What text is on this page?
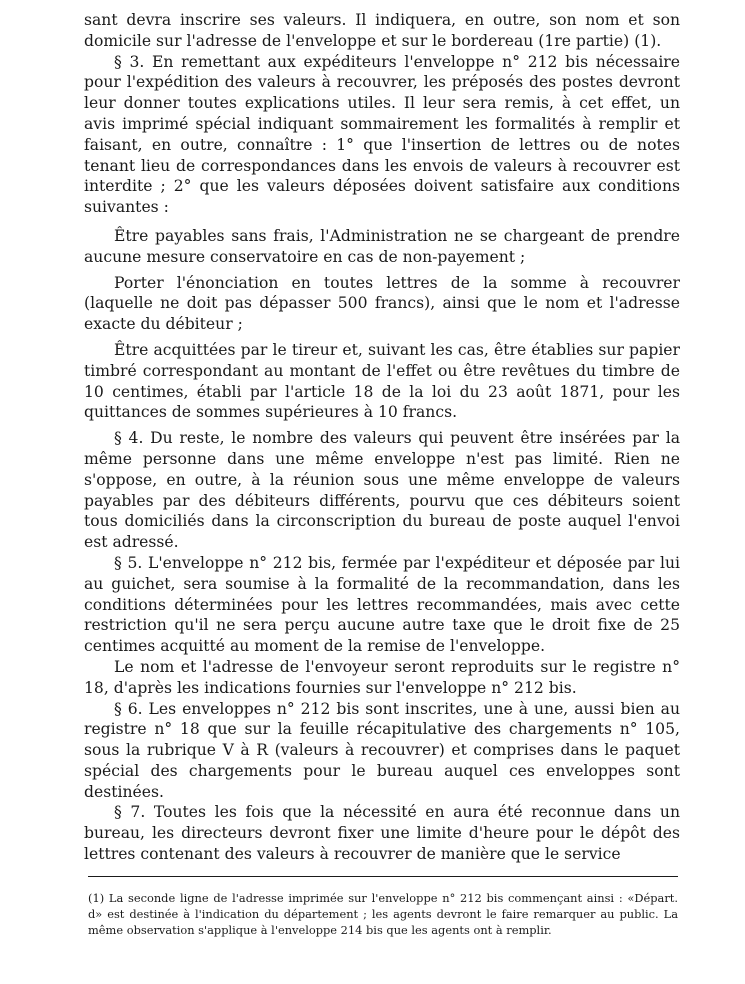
sant devra inscrire ses valeurs. Il indiquera, en outre, son nom et son domicile sur l'adresse de l'enveloppe et sur le bordereau (1re partie) (1).

§ 3. En remettant aux expéditeurs l'enveloppe n° 212 bis nécessaire pour l'expédition des valeurs à recouvrer, les préposés des postes devront leur donner toutes explications utiles. Il leur sera remis, à cet effet, un avis imprimé spécial indiquant sommairement les formalités à remplir et faisant, en outre, connaître : 1° que l'insertion de lettres ou de notes tenant lieu de correspondances dans les envois de valeurs à recouvrer est interdite ; 2° que les valeurs déposées doivent satisfaire aux conditions suivantes :

Être payables sans frais, l'Administration ne se chargeant de prendre aucune mesure conservatoire en cas de non-payement ;

Porter l'énonciation en toutes lettres de la somme à recouvrer (laquelle ne doit pas dépasser 500 francs), ainsi que le nom et l'adresse exacte du débiteur ;

Être acquittées par le tireur et, suivant les cas, être établies sur papier timbré correspondant au montant de l'effet ou être revêtues du timbre de 10 centimes, établi par l'article 18 de la loi du 23 août 1871, pour les quittances de sommes supérieures à 10 francs.

§ 4. Du reste, le nombre des valeurs qui peuvent être insérées par la même personne dans une même enveloppe n'est pas limité. Rien ne s'oppose, en outre, à la réunion sous une même enveloppe de valeurs payables par des débiteurs différents, pourvu que ces débiteurs soient tous domiciliés dans la circonscription du bureau de poste auquel l'envoi est adressé.

§ 5. L'enveloppe n° 212 bis, fermée par l'expéditeur et déposée par lui au guichet, sera soumise à la formalité de la recommandation, dans les conditions déterminées pour les lettres recommandées, mais avec cette restriction qu'il ne sera perçu aucune autre taxe que le droit fixe de 25 centimes acquitté au moment de la remise de l'enveloppe.

Le nom et l'adresse de l'envoyeur seront reproduits sur le registre n° 18, d'après les indications fournies sur l'enveloppe n° 212 bis.

§ 6. Les enveloppes n° 212 bis sont inscrites, une à une, aussi bien au registre n° 18 que sur la feuille récapitulative des chargements n° 105, sous la rubrique V à R (valeurs à recouvrer) et comprises dans le paquet spécial des chargements pour le bureau auquel ces enveloppes sont destinées.

§ 7. Toutes les fois que la nécessité en aura été reconnue dans un bureau, les directeurs devront fixer une limite d'heure pour le dépôt des lettres contenant des valeurs à recouvrer de manière que le service

(1) La seconde ligne de l'adresse imprimée sur l'enveloppe n° 212 bis commençant ainsi : «Départ. d» est destinée à l'indication du département ; les agents devront le faire remarquer au public. La même observation s'applique à l'enveloppe 214 bis que les agents ont à remplir.
